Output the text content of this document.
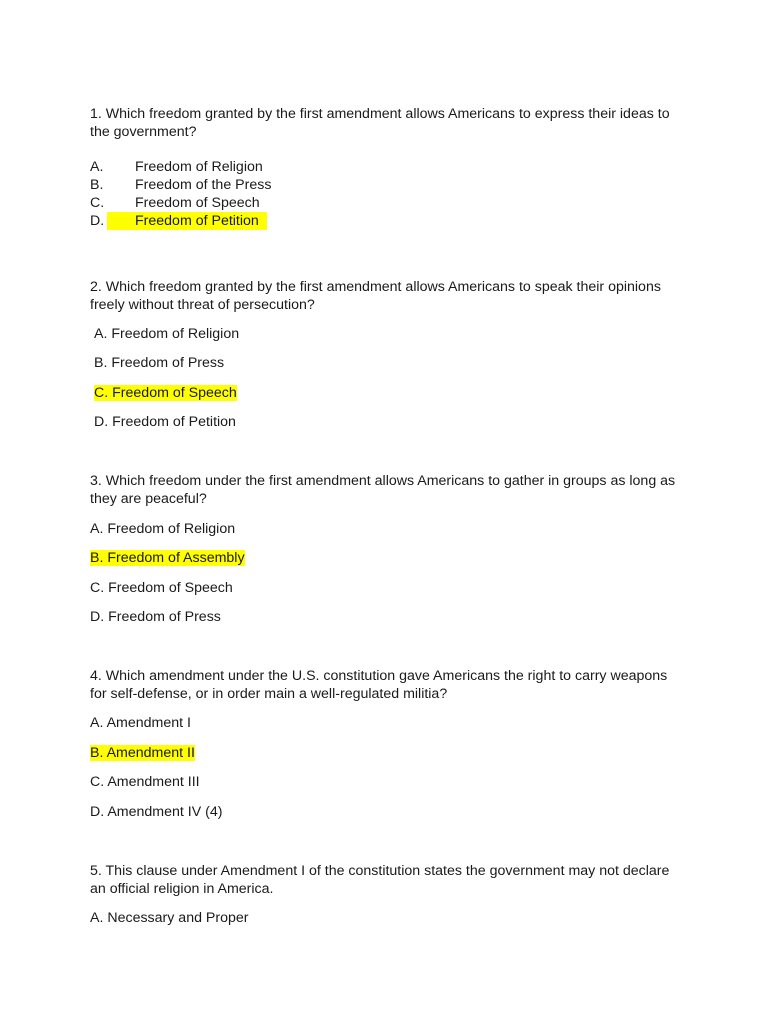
1. Which freedom granted by the first amendment allows Americans to express their ideas to the government?

A. Freedom of Religion
B. Freedom of the Press
C. Freedom of Speech
D. Freedom of Petition

2. Which freedom granted by the first amendment allows Americans to speak their opinions freely without threat of persecution?

A. Freedom of Religion
B. Freedom of Press
C. Freedom of Speech
D. Freedom of Petition

3. Which freedom under the first amendment allows Americans to gather in groups as long as they are peaceful?

A. Freedom of Religion
B. Freedom of Assembly
C. Freedom of Speech
D. Freedom of Press

4. Which amendment under the U.S. constitution gave Americans the right to carry weapons for self-defense, or in order main a well-regulated militia?

A. Amendment I
B. Amendment II
C. Amendment III
D. Amendment IV (4)

5. This clause under Amendment I of the constitution states the government may not declare an official religion in America.

A. Necessary and Proper
